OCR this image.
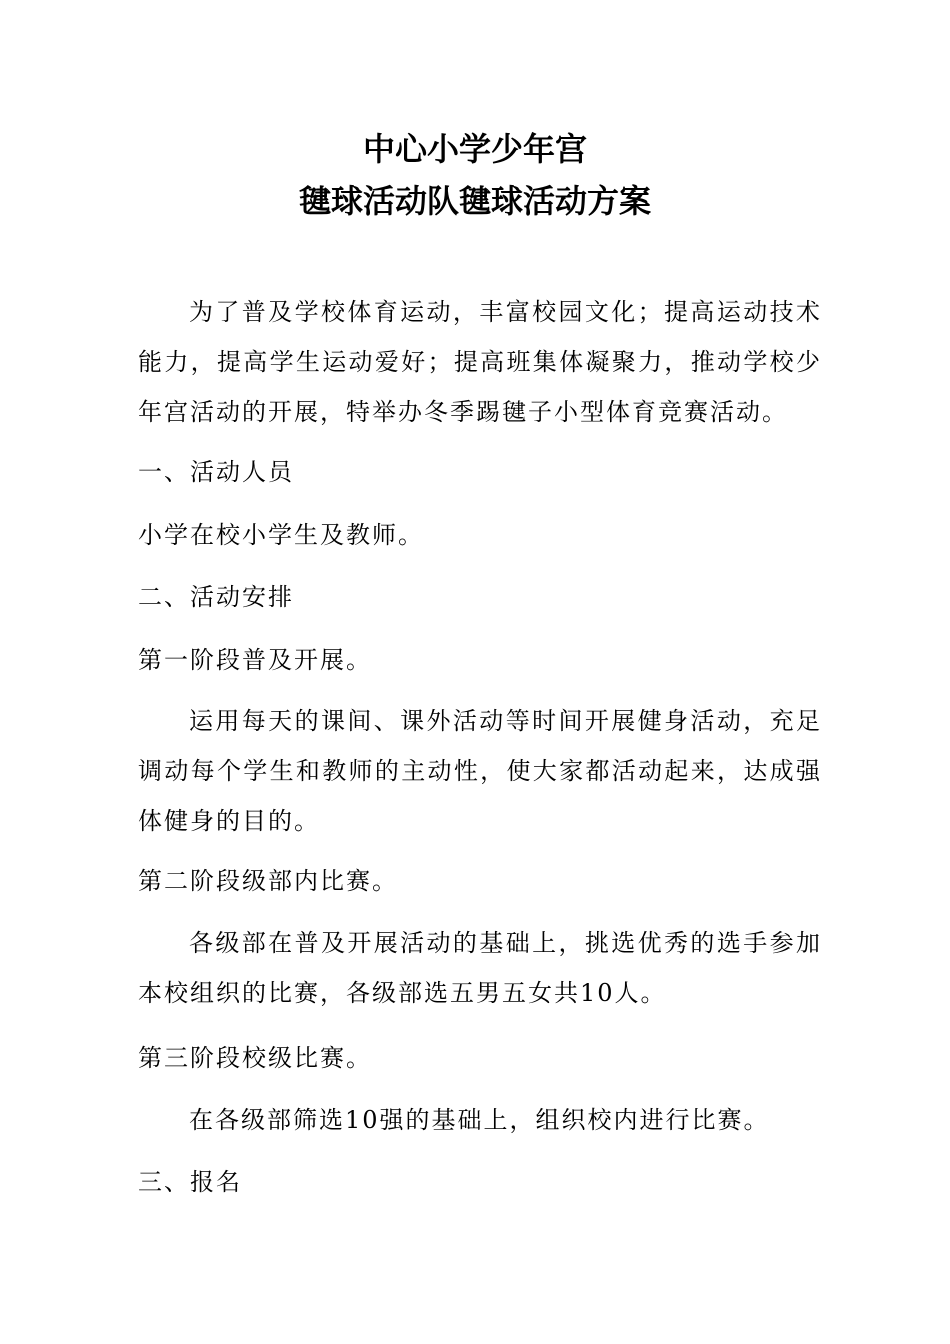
中心小学少年宫
毽球活动队毽球活动方案

为了普及学校体育运动，丰富校园文化；提高运动技术能力，提高学生运动爱好；提高班集体凝聚力，推动学校少年宫活动的开展，特举办冬季踢毽子小型体育竞赛活动。

一、活动人员
小学在校小学生及教师。
二、活动安排
第一阶段普及开展。

运用每天的课间、课外活动等时间开展健身活动，充足调动每个学生和教师的主动性，使大家都活动起来，达成强体健身的目的。

第二阶段级部内比赛。

各级部在普及开展活动的基础上，挑选优秀的选手参加本校组织的比赛，各级部选五男五女共10人。

第三阶段校级比赛。
在各级部筛选10强的基础上，组织校内进行比赛。
三、报名
